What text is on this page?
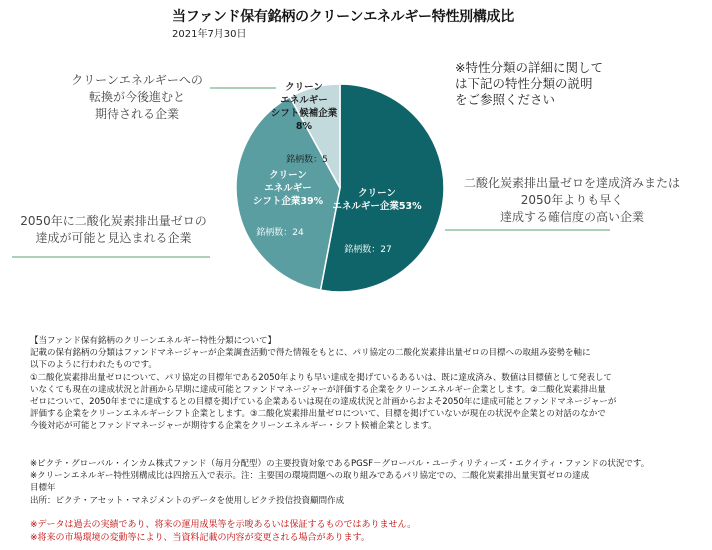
当ファンド保有銘柄のクリーンエネルギー特性別構成比
2021年7月30日
クリーンエネルギー企業53%
銘柄数：27
クリーンエネルギーシフト企業39%
銘柄数：24
クリーンエネルギーシフト候補企業 8%
銘柄数：5
クリーンエネルギーへの
転換が今後進むと
期待される企業
2050年に二酸化炭素排出量ゼロの
達成が可能と見込まれる企業
二酸化炭素排出量ゼロを達成済みまたは
2050年よりも早く
達成する確信度の高い企業
※特性分類の詳細に関して
は下記の特性分類の説明
をご参照ください

【当ファンド保有銘柄のクリーンエネルギー特性分類について】

記載の保有銘柄の分類はファンドマネージャーが企業調査活動で得た情報をもとに、パリ協定の二酸化炭素排出量ゼロの目標への取組み姿勢を軸に

以下のように行われたものです。

①二酸化炭素排出量ゼロについて、パリ協定の目標年である2050年よりも早い達成を掲げているあるいは、既に達成済み、数値は目標値として発表して

いなくても現在の達成状況と計画から早期に達成可能とファンドマネージャーが評価する企業をクリーンエネルギー企業とします。②二酸化炭素排出量

ゼロについて、2050年までに達成するとの目標を掲げている企業あるいは現在の達成状況と計画からおよそ2050年に達成可能とファンドマネージャーが

評価する企業をクリーンエネルギーシフト企業とします。③二酸化炭素排出量ゼロについて、目標を掲げていないが現在の状況や企業との対話のなかで

今後対応が可能とファンドマネージャーが期待する企業をクリーンエネルギー・シフト候補企業とします。

※ピクテ・グローバル・インカム株式ファンド（毎月分配型）の主要投資対象であるPGSF－グローバル・ユーティリティーズ・エクイティ・ファンドの状況です。

※クリーンエネルギー特性別構成比は四捨五入で表示。注：主要国の環境問題への取り組みであるパリ協定での、二酸化炭素排出量実質ゼロの達成

目標年

出所：ピクテ・アセット・マネジメントのデータを使用しピクテ投信投資顧問作成

※データは過去の実績であり、将来の運用成果等を示唆あるいは保証するものではありません。

※将来の市場環境の変動等により、当資料記載の内容が変更される場合があります。
